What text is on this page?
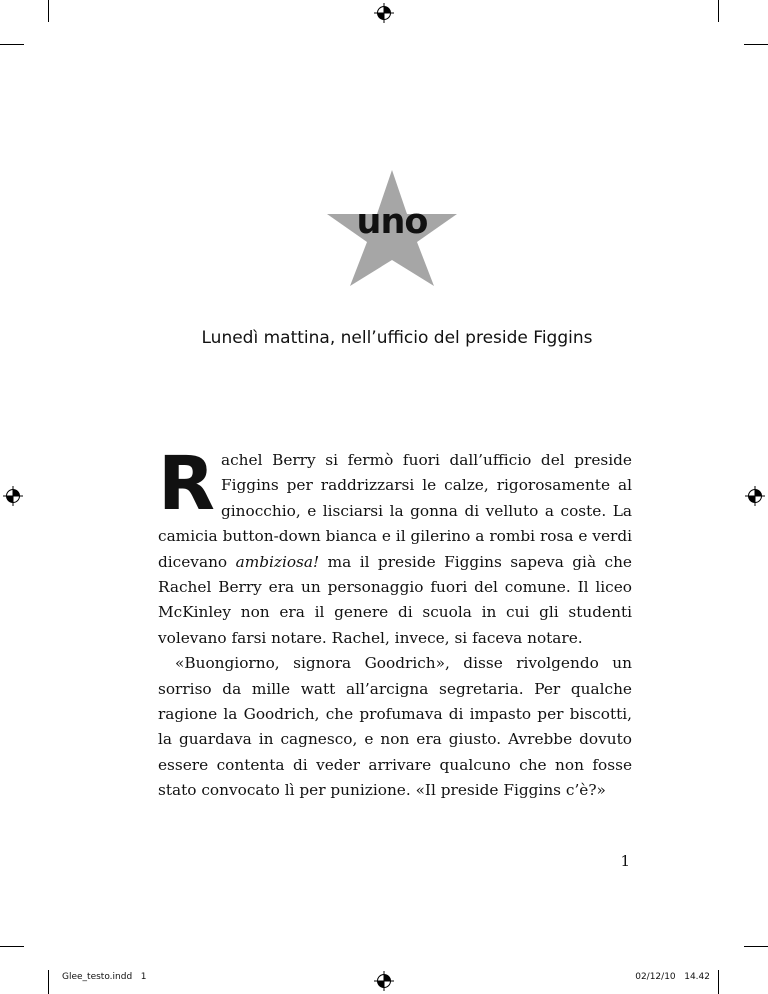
uno
Lunedì mattina, nell’ufficio del preside Figgins

Rachel Berry si fermò fuori dall’ufficio del preside Figgins per raddrizzarsi le calze, rigorosamente al ginocchio, e lisciarsi la gonna di velluto a coste. La camicia button-down bianca e il gilerino a rombi rosa e verdi dicevano ambiziosa! ma il preside Figgins sapeva già che Rachel Berry era un personaggio fuori del comune. Il liceo McKinley non era il genere di scuola in cui gli studenti volevano farsi notare. Rachel, invece, si faceva notare.

«Buongiorno, signora Goodrich», disse rivolgendo un sorriso da mille watt all’arcigna segretaria. Per qualche ragione la Goodrich, che profumava di impasto per biscotti, la guardava in cagnesco, e non era giusto. Avrebbe dovuto essere contenta di veder arrivare qualcuno che non fosse stato convocato lì per punizione. «Il preside Figgins c’è?»

1
Glee_testo.indd   1	02/12/10   14.42
